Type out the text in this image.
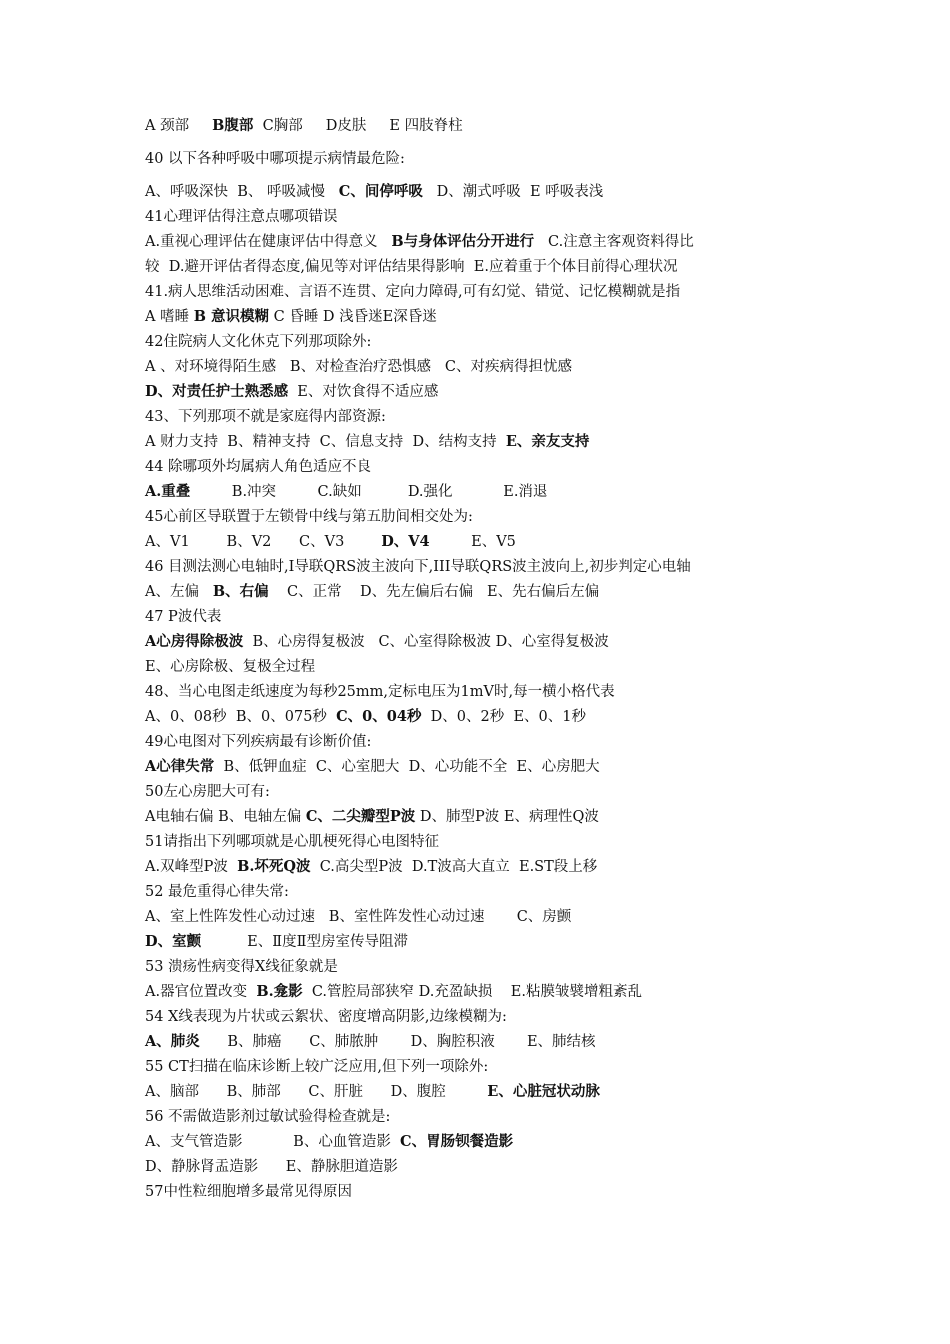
A 颈部     B腹部  C胸部     D皮肤     E 四肢脊柱
40 以下各种呼吸中哪项提示病情最危险:
A、呼吸深快  B、 呼吸减慢   C、间停呼吸   D、潮式呼吸  E 呼吸表浅
41心理评估得注意点哪项错误
A.重视心理评估在健康评估中得意义   B与身体评估分开进行   C.注意主客观资料得比
较  D.避开评估者得态度,偏见等对评估结果得影响  E.应着重于个体目前得心理状况
41.病人思维活动困难、言语不连贯、定向力障碍,可有幻觉、错觉、记忆模糊就是指
A 嗜睡 B 意识模糊 C 昏睡 D 浅昏迷E深昏迷
42住院病人文化休克下列那项除外:
A 、对环境得陌生感   B、对检查治疗恐惧感   C、对疾病得担忧感
D、对责任护士熟悉感  E、对饮食得不适应感
43、下列那项不就是家庭得内部资源:
A 财力支持  B、精神支持  C、信息支持  D、结构支持  E、亲友支持
44 除哪项外均属病人角色适应不良
A.重叠         B.冲突         C.缺如          D.强化           E.消退
45心前区导联置于左锁骨中线与第五肋间相交处为:
A、V1        B、V2      C、V3        D、V4         E、V5
46 目测法测心电轴时,I导联QRS波主波向下,III导联QRS波主波向上,初步判定心电轴
A、左偏   B、右偏    C、正常    D、先左偏后右偏   E、先右偏后左偏
47 P波代表
A心房得除极波  B、心房得复极波   C、心室得除极波 D、心室得复极波
E、心房除极、复极全过程
48、当心电图走纸速度为每秒25mm,定标电压为1mV时,每一横小格代表
A、0、08秒  B、0、075秒  C、0、04秒  D、0、2秒  E、0、1秒
49心电图对下列疾病最有诊断价值:
A心律失常  B、低钾血症  C、心室肥大  D、心功能不全  E、心房肥大
50左心房肥大可有:
A电轴右偏 B、电轴左偏 C、二尖瓣型P波 D、肺型P波 E、病理性Q波
51请指出下列哪项就是心肌梗死得心电图特征
A.双峰型P波  B.坏死Q波  C.高尖型P波  D.T波高大直立  E.ST段上移
52 最危重得心律失常:
A、室上性阵发性心动过速   B、室性阵发性心动过速       C、房颤
D、室颤          E、Ⅱ度Ⅱ型房室传导阻滞
53 溃疡性病变得X线征象就是
A.器官位置改变  B.龛影  C.管腔局部狭窄 D.充盈缺损    E.粘膜皱襞增粗紊乱
54 X线表现为片状或云絮状、密度增高阴影,边缘模糊为:
A、肺炎      B、肺癌      C、肺脓肿       D、胸腔积液       E、肺结核
55 CT扫描在临床诊断上较广泛应用,但下列一项除外:
A、脑部      B、肺部      C、肝脏      D、腹腔         E、心脏冠状动脉
56 不需做造影剂过敏试验得检查就是:
A、支气管造影           B、心血管造影  C、胃肠钡餐造影
D、静脉肾盂造影      E、静脉胆道造影
57中性粒细胞增多最常见得原因
